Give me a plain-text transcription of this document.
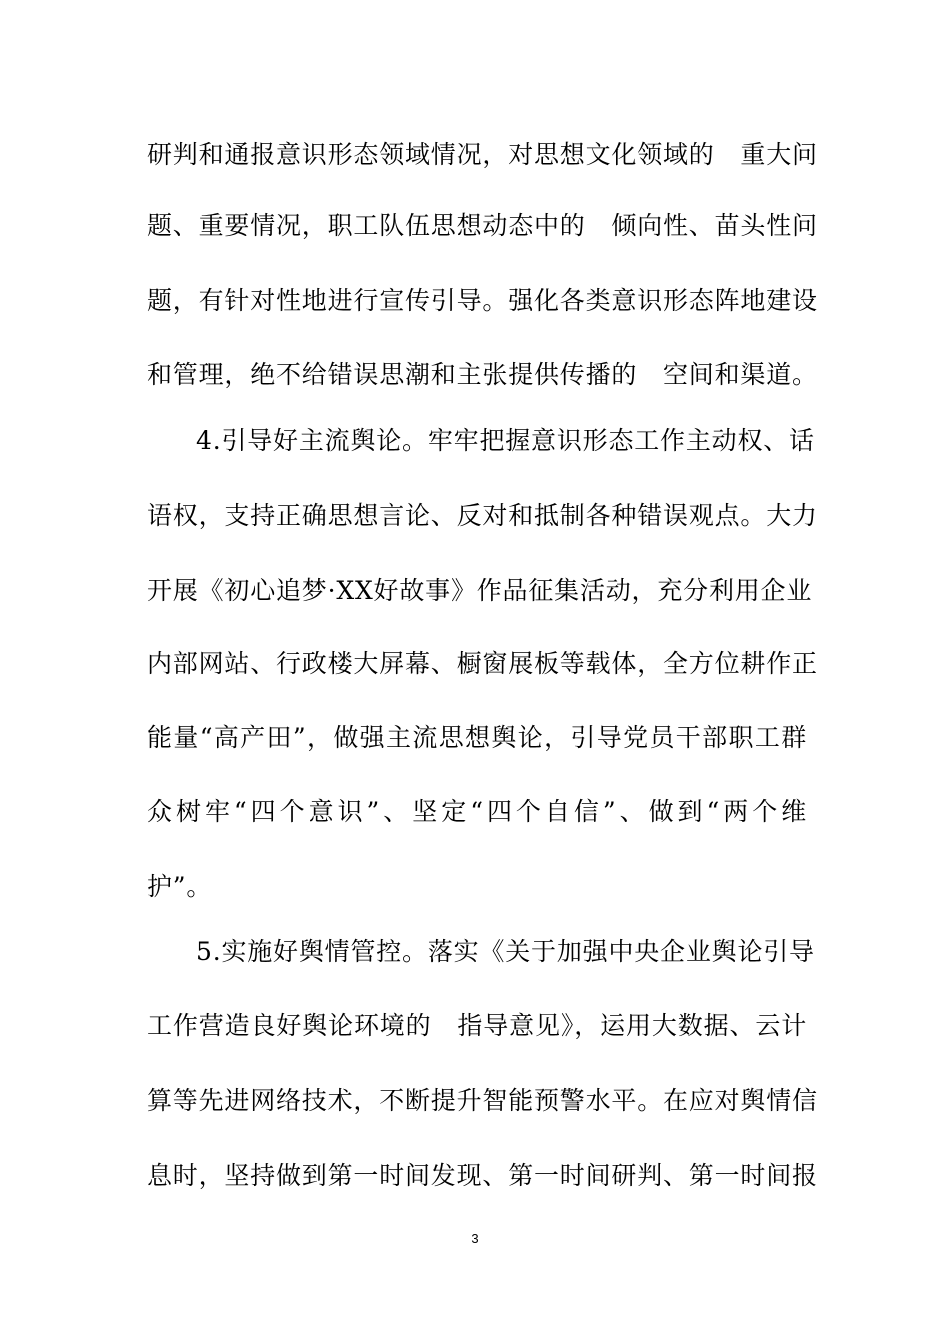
研判和通报意识形态领域情况，对思想文化领域的　重大问
题、重要情况，职工队伍思想动态中的　倾向性、苗头性问
题，有针对性地进行宣传引导。强化各类意识形态阵地建设
和管理，绝不给错误思潮和主张提供传播的　空间和渠道。
4.引导好主流舆论。牢牢把握意识形态工作主动权、话
语权，支持正确思想言论、反对和抵制各种错误观点。大力
开展《初心追梦·XX好故事》作品征集活动，充分利用企业
内部网站、行政楼大屏幕、橱窗展板等载体，全方位耕作正
能量“高产田”，做强主流思想舆论，引导党员干部职工群
众树牢“四个意识”、坚定“四个自信”、做到“两个维
护”。
5.实施好舆情管控。落实《关于加强中央企业舆论引导
工作营造良好舆论环境的　指导意见》，运用大数据、云计
算等先进网络技术，不断提升智能预警水平。在应对舆情信
息时，坚持做到第一时间发现、第一时间研判、第一时间报
3
